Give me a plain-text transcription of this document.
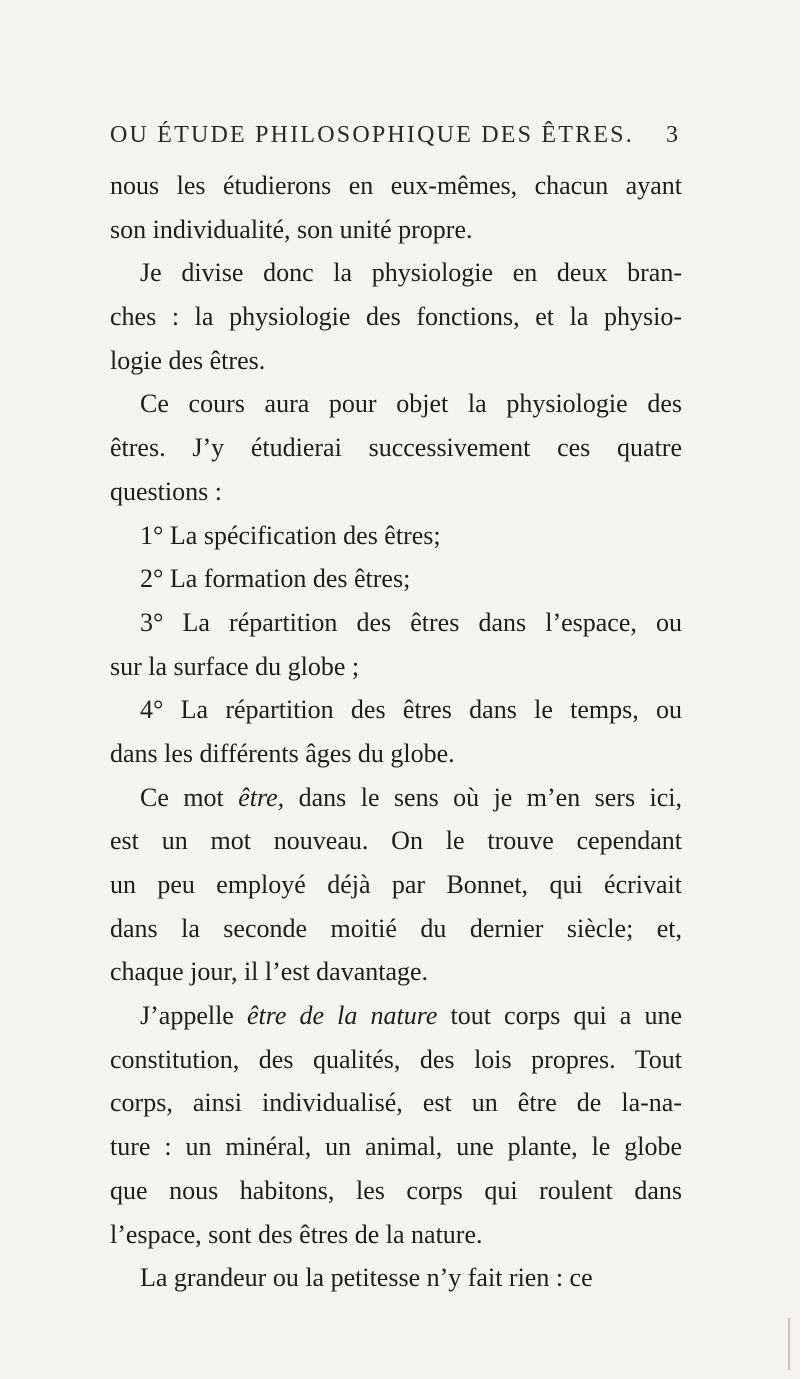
OU ÉTUDE PHILOSOPHIQUE DES ÊTRES. 3
nous les étudierons en eux-mêmes, chacun ayant
son individualité, son unité propre.
Je divise donc la physiologie en deux bran-
ches : la physiologie des fonctions, et la physio-
logie des êtres.
Ce cours aura pour objet la physiologie des
êtres. J’y étudierai successivement ces quatre
questions :
1° La spécification des êtres;
2° La formation des êtres;
3° La répartition des êtres dans l’espace, ou
sur la surface du globe ;
4° La répartition des êtres dans le temps, ou
dans les différents âges du globe.
Ce mot être, dans le sens où je m’en sers ici,
est un mot nouveau. On le trouve cependant
un peu employé déjà par Bonnet, qui écrivait
dans la seconde moitié du dernier siècle; et,
chaque jour, il l’est davantage.
J’appelle être de la nature tout corps qui a une
constitution, des qualités, des lois propres. Tout
corps, ainsi individualisé, est un être de la-na-
ture : un minéral, un animal, une plante, le globe
que nous habitons, les corps qui roulent dans
l’espace, sont des êtres de la nature.
La grandeur ou la petitesse n’y fait rien : ce
